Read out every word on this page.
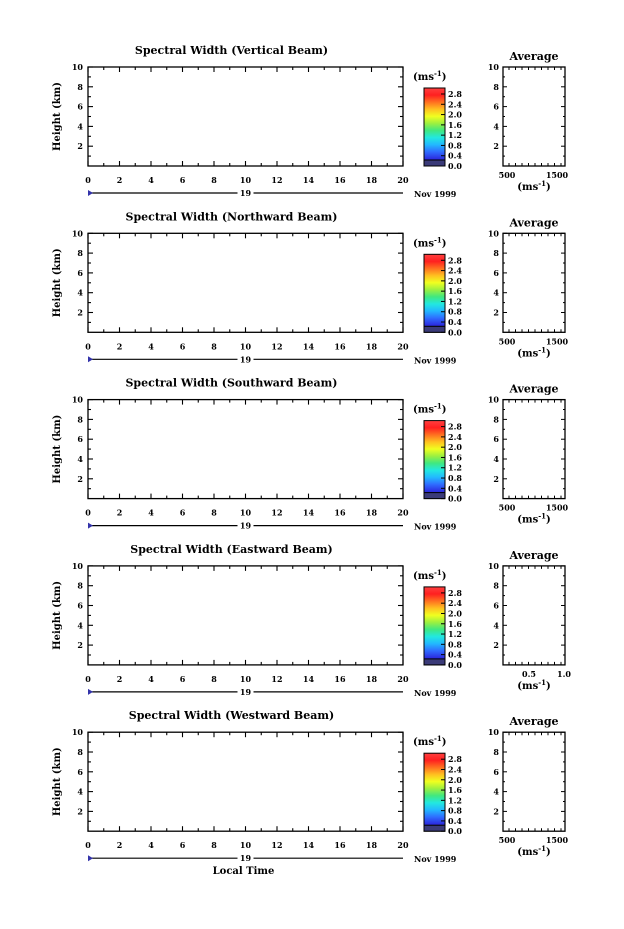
Spectral Width (Vertical Beam)
0	2	4	6	8	10	12	14	16	18	20
2
4
6
8
10
Height (km)
19	Nov 1999
2.8
2.4
2.0
1.6
1.2
0.8
0.4
0.0
$(ms^{-1})$
Average
2
4
6
8
10
500	1500
$(ms^{-1})$
Spectral Width (Northward Beam)
0	2	4	6	8	10	12	14	16	18	20
2
4
6
8
10
Height (km)
19	Nov 1999
2.8
2.4
2.0
1.6
1.2
0.8
0.4
0.0
$(ms^{-1})$
Average
2
4
6
8
10
500	1500
$(ms^{-1})$
Spectral Width (Southward Beam)
0	2	4	6	8	10	12	14	16	18	20
2
4
6
8
10
Height (km)
19	Nov 1999
2.8
2.4
2.0
1.6
1.2
0.8
0.4
0.0
$(ms^{-1})$
Average
2
4
6
8
10
500	1500
$(ms^{-1})$
Spectral Width (Eastward Beam)
0	2	4	6	8	10	12	14	16	18	20
2
4
6
8
10
Height (km)
19	Nov 1999
2.8
2.4
2.0
1.6
1.2
0.8
0.4
0.0
$(ms^{-1})$
Average
2
4
6
8
10
0.5	1.0
$(ms^{-1})$
Spectral Width (Westward Beam)
0	2	4	6	8	10	12	14	16	18	20
2
4
6
8
10
Height (km)
19	Nov 1999
Local Time
2.8
2.4
2.0
1.6
1.2
0.8
0.4
0.0
$(ms^{-1})$
Average
2
4
6
8
10
500	1500
$(ms^{-1})$
